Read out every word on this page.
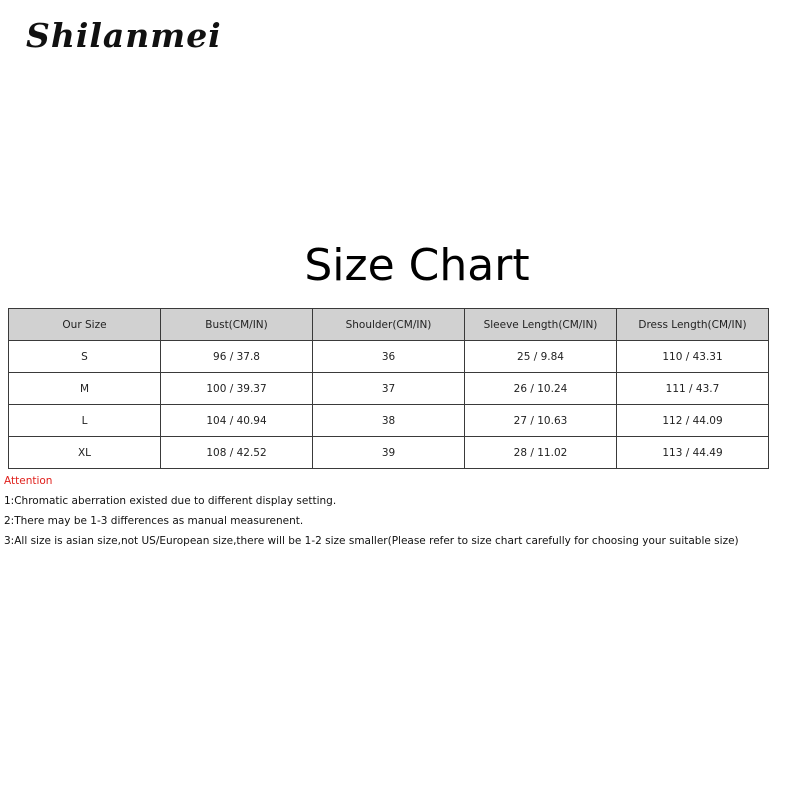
Shilanmei
Size Chart
Our Size	Bust(CM/IN)	Shoulder(CM/IN)	Sleeve Length(CM/IN)	Dress Length(CM/IN)
S	96 / 37.8	36	25 / 9.84	110 / 43.31
M	100 / 39.37	37	26 / 10.24	111 / 43.7
L	104 / 40.94	38	27 / 10.63	112 / 44.09
XL	108 / 42.52	39	28 / 11.02	113 / 44.49
Attention
1:Chromatic aberration existed due to different display setting.
2:There may be 1-3 differences as manual measurenent.
3:All size is asian size,not US/European size,there will be 1-2 size smaller(Please refer to size chart carefully for choosing your suitable size)
